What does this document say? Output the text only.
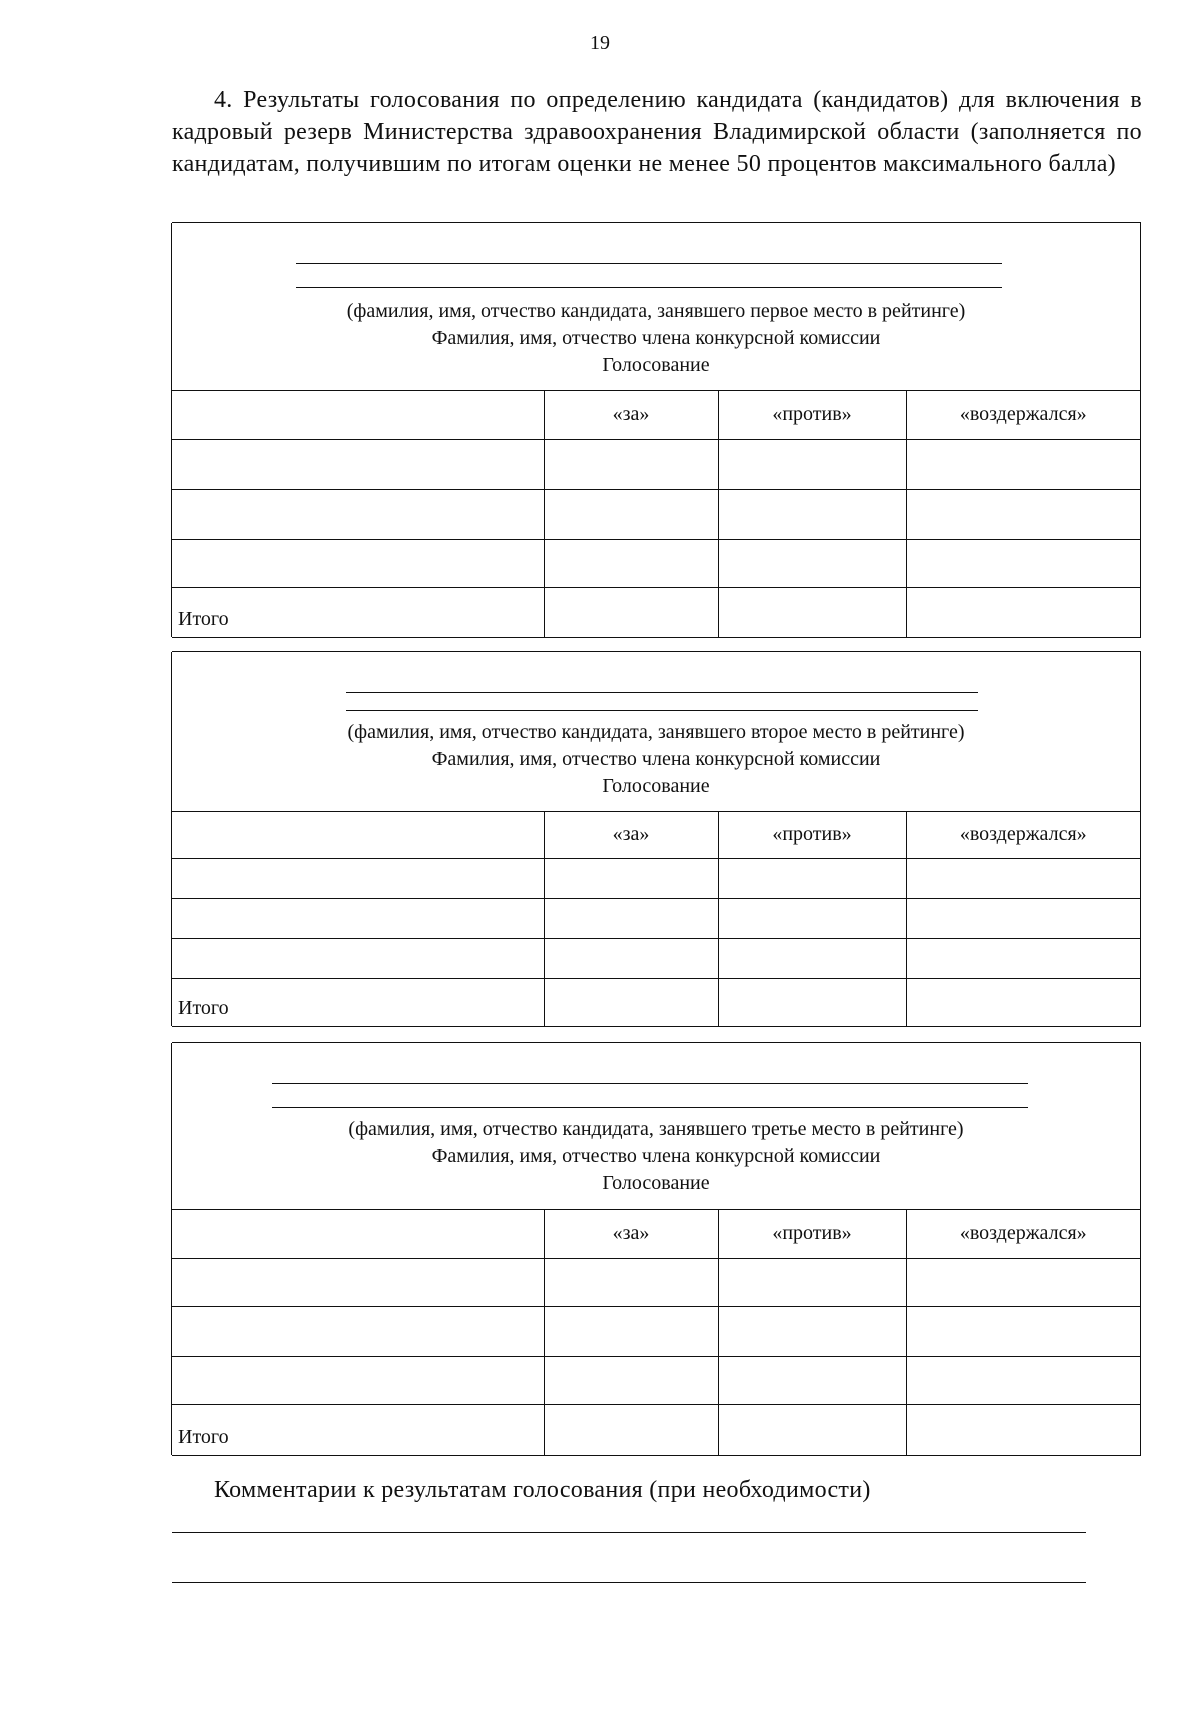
19
4. Результаты голосования по определению кандидата (кандидатов) для включения в кадровый резерв Министерства здравоохранения Владимирской области (заполняется по кандидатам, получившим по итогам оценки не менее 50 процентов максимального балла)
(фамилия, имя, отчество кандидата, занявшего первое место в рейтинге)
Фамилия, имя, отчество члена конкурсной комиссии
Голосование
	«за»	«против»	«воздержался»

Итого			
(фамилия, имя, отчество кандидата, занявшего второе место в рейтинге)
Фамилия, имя, отчество члена конкурсной комиссии
Голосование
	«за»	«против»	«воздержался»

Итого			
(фамилия, имя, отчество кандидата, занявшего третье место в рейтинге)
Фамилия, имя, отчество члена конкурсной комиссии
Голосование
	«за»	«против»	«воздержался»

Итого			
Комментарии к результатам голосования (при необходимости)
